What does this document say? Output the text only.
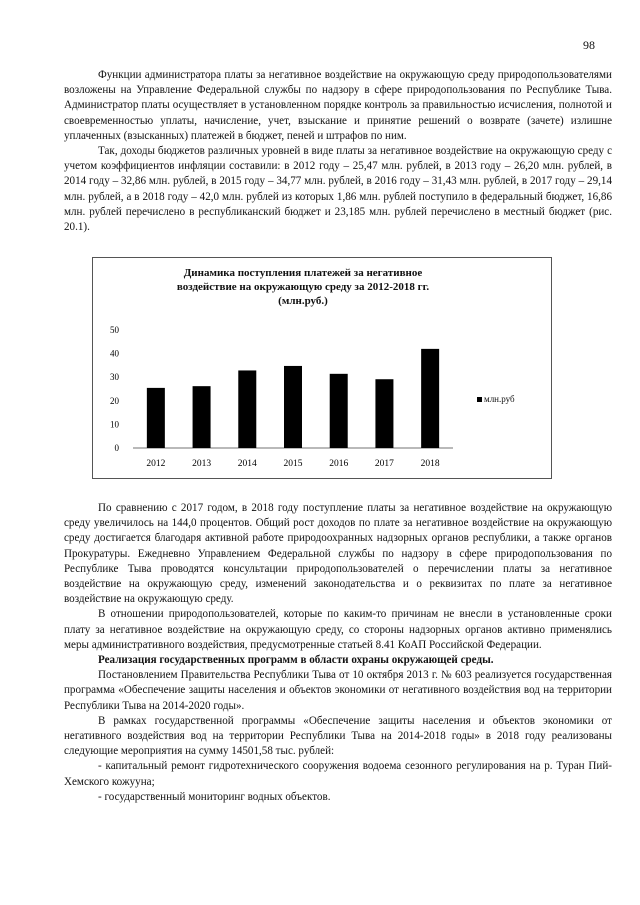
98

Функции администратора платы за негативное воздействие на окружающую среду природопользователями возложены на Управление Федеральной службы по надзору в сфере природопользования по Республике Тыва. Администратор платы осуществляет в установленном порядке контроль за правильностью исчисления, полнотой и своевременностью уплаты, начисление, учет, взыскание и принятие решений о возврате (зачете) излишне уплаченных (взысканных) платежей в бюджет, пеней и штрафов по ним.

Так, доходы бюджетов различных уровней в виде платы за негативное воздействие на окружающую среду с учетом коэффициентов инфляции составили: в 2012 году – 25,47 млн. рублей, в 2013 году – 26,20 млн. рублей, в 2014 году – 32,86 млн. рублей, в 2015 году – 34,77 млн. рублей, в 2016 году – 31,43 млн. рублей, в 2017 году – 29,14 млн. рублей, а в 2018 году – 42,0 млн. рублей из которых 1,86 млн. рублей поступило в федеральный бюджет, 16,86 млн. рублей перечислено в республиканский бюджет и 23,185 млн. рублей перечислено в местный бюджет (рис. 20.1).

Динамика поступления платежей за негативное
воздействие на окружающую среду за 2012-2018 гг.
(млн.руб.)
0
10
20
30
40
50
2012	2013	2014	2015	2016	2017	2018
млн.руб

По сравнению с 2017 годом, в 2018 году поступление платы за негативное воздействие на окружающую среду увеличилось на 144,0 процентов. Общий рост доходов по плате за негативное воздействие на окружающую среду достигается благодаря активной работе природоохранных надзорных органов республики, а также органов Прокуратуры. Ежедневно Управлением Федеральной службы по надзору в сфере природопользования по Республике Тыва проводятся консультации природопользователей о перечислении платы за негативное воздействие на окружающую среду, изменений законодательства и о реквизитах по плате за негативное воздействие на окружающую среду.

В отношении природопользователей, которые по каким-то причинам не внесли в установленные сроки плату за негативное воздействие на окружающую среду, со стороны надзорных органов активно применялись меры административного воздействия, предусмотренные статьей 8.41 КоАП Российской Федерации.

Реализация государственных программ в области охраны окружающей среды.

Постановлением Правительства Республики Тыва от 10 октября 2013 г. № 603 реализуется государственная программа «Обеспечение защиты населения и объектов экономики от негативного воздействия вод на территории Республики Тыва на 2014-2020 годы».

В рамках государственной программы «Обеспечение защиты населения и объектов экономики от негативного воздействия вод на территории Республики Тыва на 2014-2018 годы» в 2018 году реализованы следующие мероприятия на сумму 14501,58 тыс. рублей:

- капитальный ремонт гидротехнического сооружения водоема сезонного регулирования на р. Туран Пий-Хемского кожууна;

- государственный мониторинг водных объектов.
